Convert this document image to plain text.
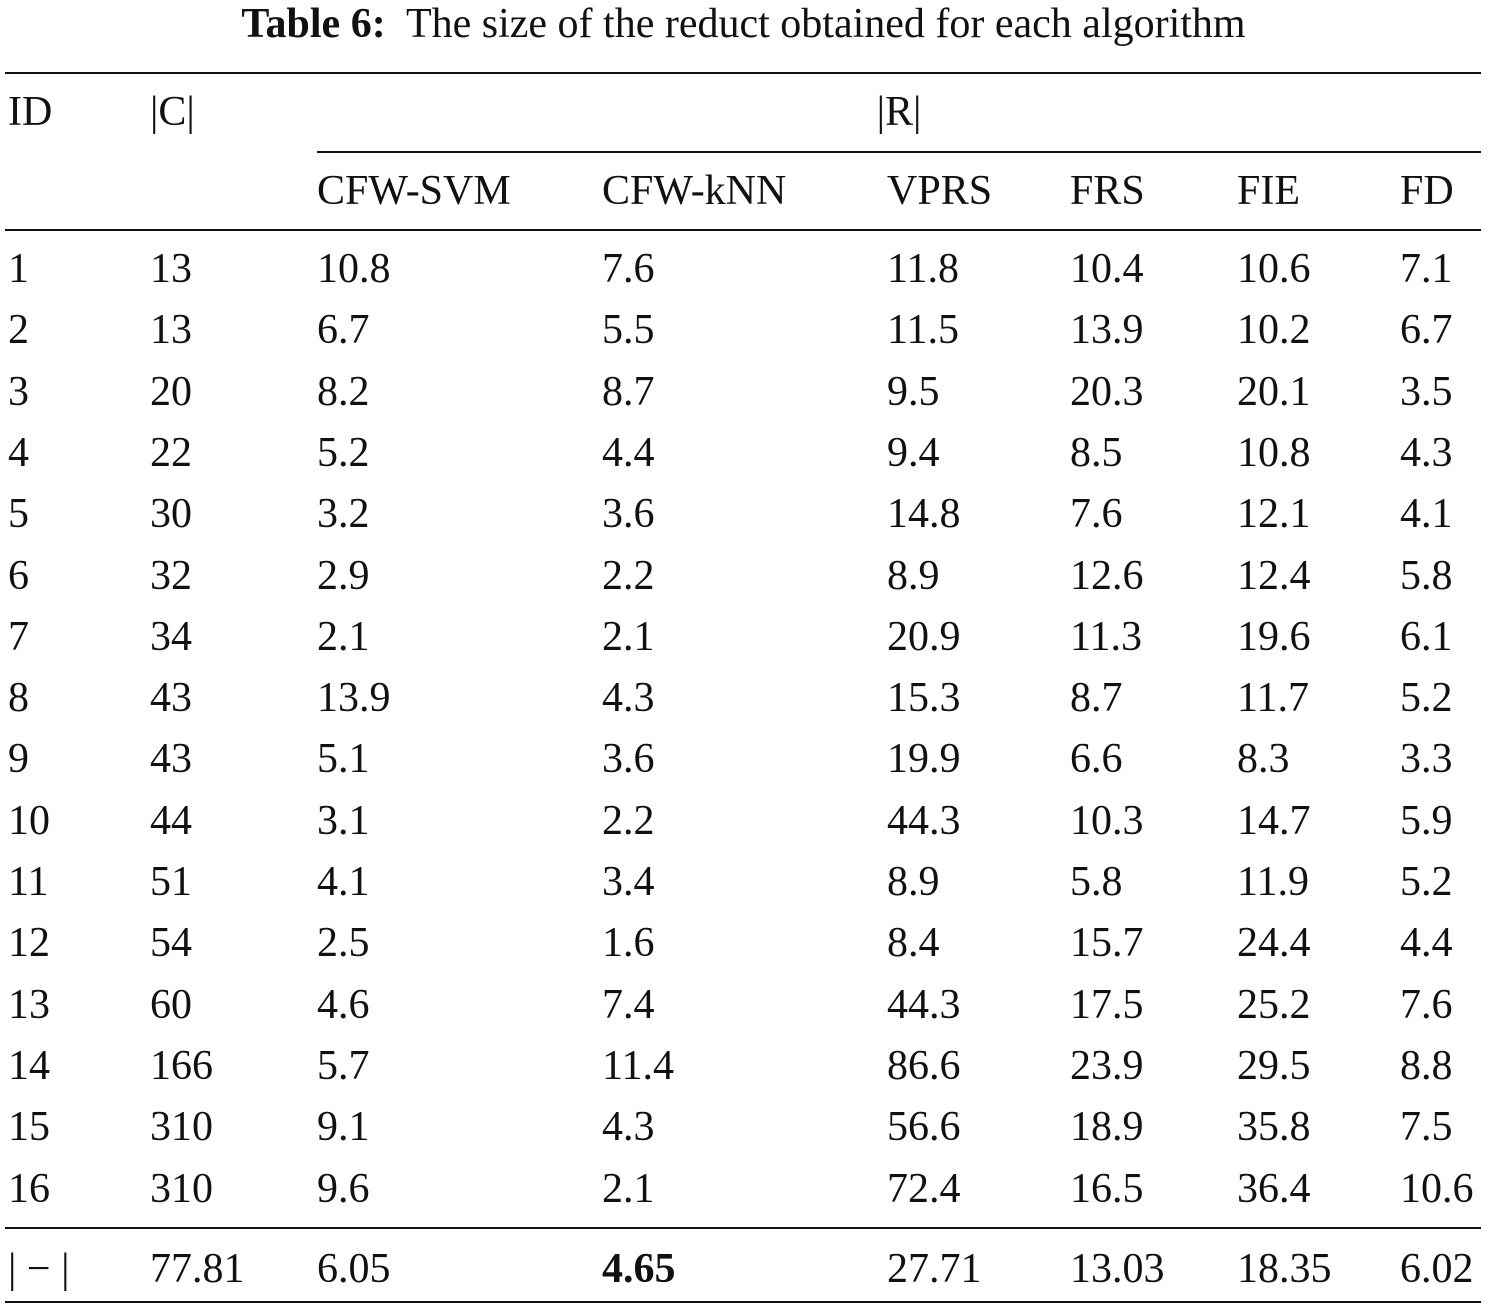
Table 6: The size of the reduct obtained for each algorithm
ID |C|	|R|
CFW-SVM CFW-kNN VPRS FRS FIE FD
1	13	10.8	7.6	11.8	10.4 10.6 7.1
2	13	6.7	5.5	11.5	13.9 10.2 6.7
3	20	8.2	8.7	9.5	20.3 20.1 3.5
4	22	5.2	4.4	9.4	8.5	10.8 4.3
5	30	3.2	3.6	14.8	7.6	12.1 4.1
6	32	2.9	2.2	8.9	12.6 12.4 5.8
7	34	2.1	2.1	20.9	11.3 19.6 6.1
8	43	13.9	4.3	15.3	8.7	11.7 5.2
9	43	5.1	3.6	19.9	6.6	8.3	3.3
10 44	3.1	2.2	44.3	10.3 14.7 5.9
11 51	4.1	3.4	8.9	5.8	11.9 5.2
12 54	2.5	1.6	8.4	15.7 24.4 4.4
13 60	4.6	7.4	44.3	17.5 25.2 7.6
14 166 5.7	11.4	86.6	23.9 29.5 8.8
15 310 9.1	4.3	56.6	18.9 35.8 7.5
16 310 9.6	2.1	72.4	16.5 36.4 10.6
| − | 77.81 6.05	4.65	27.71 13.03 18.35 6.02
